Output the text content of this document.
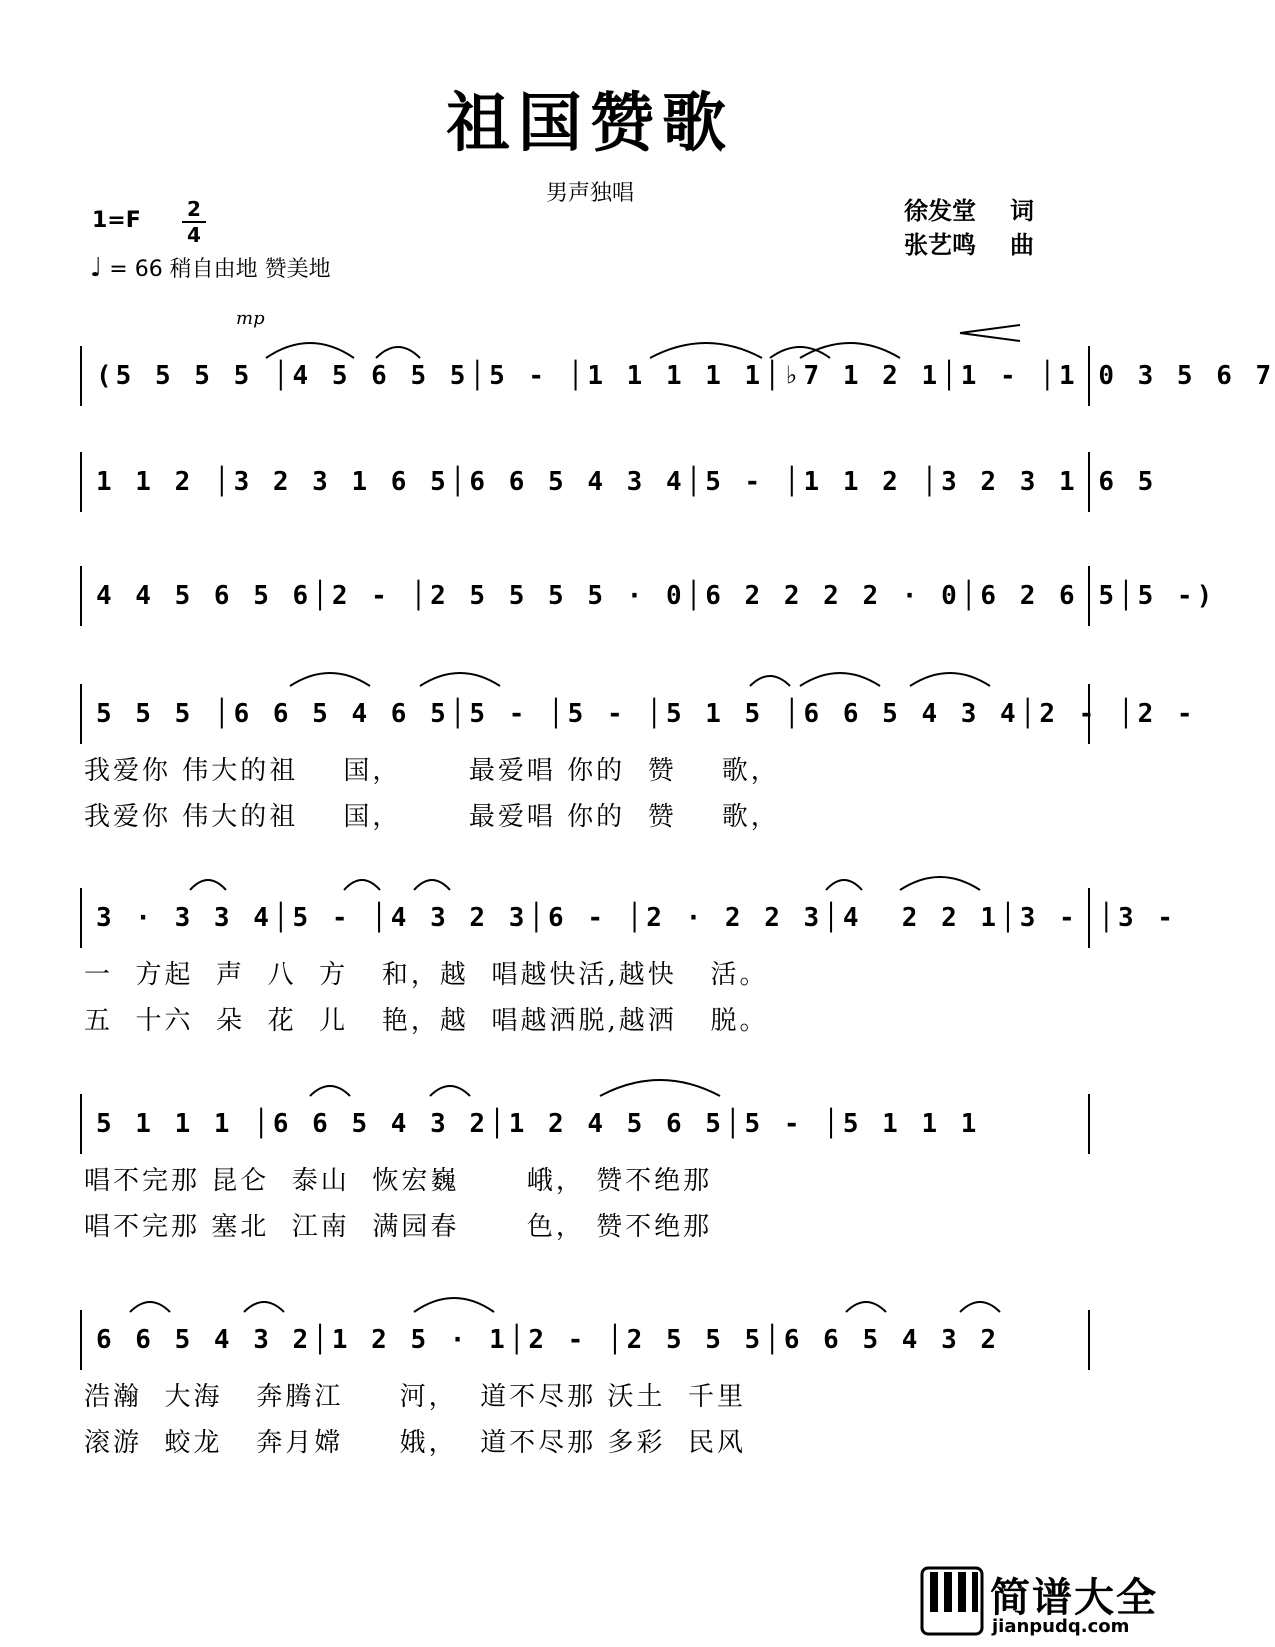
祖国赞歌
男声独唱
1=F 2
4
♩ = 66 稍自由地 赞美地
徐发堂 词
张艺鸣 曲
mp
(5 5 5 5 │4 5 6 5 5│5 - │1 1 1 1 1│♭7 1 2 1│1 - │1 0 3 5 6 7
1 1 2 │3 2 3 1 6 5│6 6 5 4 3 4│5 - │1 1 2 │3 2 3 1 6 5
4 4 5 6 5 6│2 - │2 5 5 5 5 · 0│6 2 2 2 2 · 0│6 2 6 5│5 -)
5 5 5 │6 6 5 4 6 5│5 - │5 - │5 1 5 │6 6 5 4 3 4│2 - │2 -
我爱你 伟大的祖    国，      最爱唱 你的  赞    歌，
我爱你 伟大的祖    国，      最爱唱 你的  赞    歌，
3 · 3 3 4│5 - │4 3 2 3│6 - │2 · 2 2 3│4  2 2 1│3 - │3 -
一  方起  声  八  方   和，越  唱越快活,越快   活。
五  十六  朵  花  儿   艳，越  唱越洒脱,越洒   脱。
5 1 1 1 │6 6 5 4 3 2│1 2 4 5 6 5│5 - │5 1 1 1
唱不完那 昆仑  泰山  恢宏巍      峨， 赞不绝那
唱不完那 塞北  江南  满园春      色， 赞不绝那
6 6 5 4 3 2│1 2 5 · 1│2 - │2 5 5 5│6 6 5 4 3 2
浩瀚  大海   奔腾江     河，  道不尽那 沃土  千里
滚游  蛟龙   奔月嫦     娥，  道不尽那 多彩  民风
简谱大全
jianpudq.com
